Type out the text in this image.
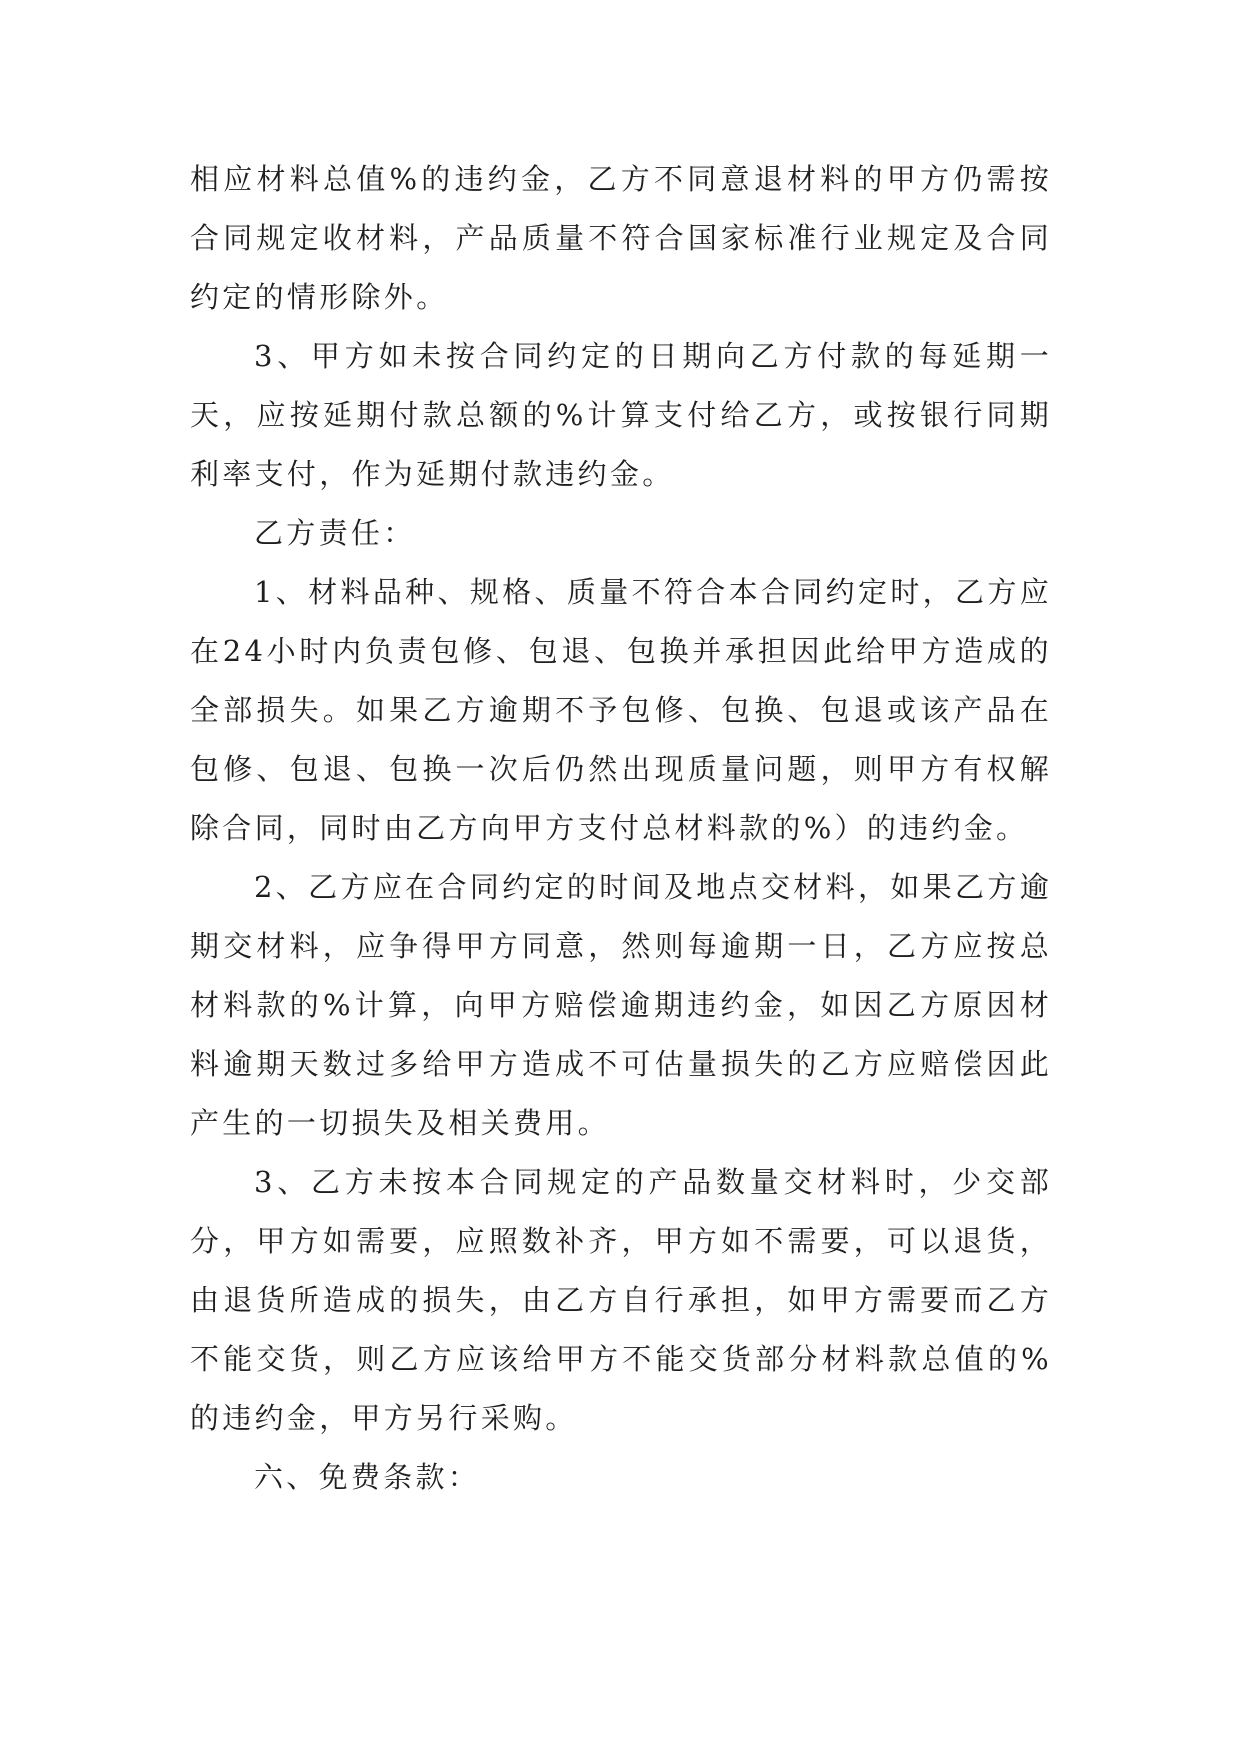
相应材料总值%的违约金，乙方不同意退材料的甲方仍需按合同规定收材料，产品质量不符合国家标准行业规定及合同约定的情形除外。

3、甲方如未按合同约定的日期向乙方付款的每延期一天，应按延期付款总额的%计算支付给乙方，或按银行同期利率支付，作为延期付款违约金。

乙方责任：

1、材料品种、规格、质量不符合本合同约定时，乙方应在24小时内负责包修、包退、包换并承担因此给甲方造成的全部损失。如果乙方逾期不予包修、包换、包退或该产品在包修、包退、包换一次后仍然出现质量问题，则甲方有权解除合同，同时由乙方向甲方支付总材料款的%）的违约金。

2、乙方应在合同约定的时间及地点交材料，如果乙方逾期交材料，应争得甲方同意，然则每逾期一日，乙方应按总材料款的%计算，向甲方赔偿逾期违约金，如因乙方原因材料逾期天数过多给甲方造成不可估量损失的乙方应赔偿因此产生的一切损失及相关费用。

3、乙方未按本合同规定的产品数量交材料时，少交部分，甲方如需要，应照数补齐，甲方如不需要，可以退货，由退货所造成的损失，由乙方自行承担，如甲方需要而乙方不能交货，则乙方应该给甲方不能交货部分材料款总值的%的违约金，甲方另行采购。

六、免费条款：
